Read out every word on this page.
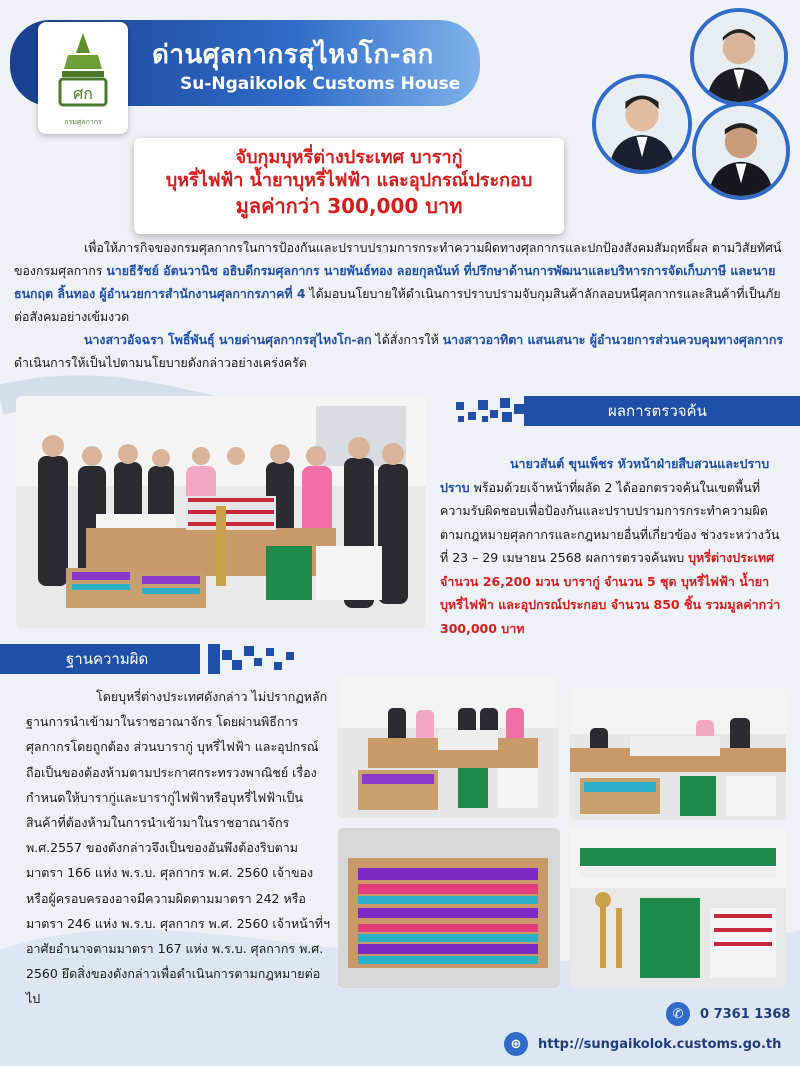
ศก
กรมศุลกากร
ด่านศุลกากรสุไหงโก-ลก
Su-Ngaikolok Customs House
จับกุมบุหรี่ต่างประเทศ บารากู่
บุหรี่ไฟฟ้า น้ำยาบุหรี่ไฟฟ้า และอุปกรณ์ประกอบ
มูลค่ากว่า 300,000 บาท
เพื่อให้ภารกิจของกรมศุลกากรในการป้องกันและปราบปรามการกระทำความผิดทางศุลกากรและปกป้องสังคมสัมฤทธิ์ผล ตามวิสัยทัศน์ของกรมศุลกากร นายธีรัชย์ อัตนวานิช อธิบดีกรมศุลกากร นายพันธ์ทอง ลอยกุลนันท์ ที่ปรึกษาด้านการพัฒนาและบริหารการจัดเก็บภาษี และนายธนกฤต ลิ้นทอง ผู้อำนวยการสำนักงานศุลกากรภาคที่ 4 ได้มอบนโยบายให้ดำเนินการปราบปรามจับกุมสินค้าลักลอบหนีศุลกากรและสินค้าที่เป็นภัยต่อสังคมอย่างเข้มงวด
นางสาวอัจฉรา โพธิ์พันธุ์ นายด่านศุลกากรสุไหงโก-ลก ได้สั่งการให้ นางสาวอาทิตา แสนเสนาะ ผู้อำนวยการส่วนควบคุมทางศุลกากร ดำเนินการให้เป็นไปตามนโยบายดังกล่าวอย่างเคร่งครัด
ผลการตรวจค้น
นายวสันต์ ขุนเพ็ชร หัวหน้าฝ่ายสืบสวนและปราบปราบ พร้อมด้วยเจ้าหน้าที่ผลัด 2 ได้ออกตรวจค้นในเขตพื้นที่ความรับผิดชอบเพื่อป้องกันและปราบปรามการกระทำความผิดตามกฎหมายศุลกากรและกฎหมายอื่นที่เกี่ยวข้อง ช่วงระหว่างวันที่ 23 – 29 เมษายน 2568 ผลการตรวจค้นพบ บุหรี่ต่างประเทศ จำนวน 26,200 มวน บารากู่ จำนวน 5 ชุด บุหรี่ไฟฟ้า น้ำยาบุหรี่ไฟฟ้า และอุปกรณ์ประกอบ จำนวน 850 ชิ้น รวมมูลค่ากว่า 300,000 บาท
ฐานความผิด
โดยบุหรี่ต่างประเทศดังกล่าว ไม่ปรากฏหลักฐานการนำเข้ามาในราชอาณาจักร โดยผ่านพิธีการศุลกากรโดยถูกต้อง ส่วนบารากู่ บุหรี่ไฟฟ้า และอุปกรณ์ ถือเป็นของต้องห้ามตามประกาศกระทรวงพาณิชย์ เรื่อง กำหนดให้บารากู่และบารากู่ไฟฟ้าหรือบุหรี่ไฟฟ้าเป็นสินค้าที่ต้องห้ามในการนำเข้ามาในราชอาณาจักร พ.ศ.2557 ของดังกล่าวจึงเป็นของอันพึงต้องริบตามมาตรา 166 แห่ง พ.ร.บ. ศุลกากร พ.ศ. 2560 เจ้าของหรือผู้ครอบครองอาจมีความผิดตามมาตรา 242 หรือมาตรา 246 แห่ง พ.ร.บ. ศุลกากร พ.ศ. 2560 เจ้าหน้าที่ฯ อาศัยอำนาจตามมาตรา 167 แห่ง พ.ร.บ. ศุลกากร พ.ศ. 2560 ยึดสิ่งของดังกล่าวเพื่อดำเนินการตามกฎหมายต่อไป
✆	0 7361 1368
⊕	http://sungaikolok.customs.go.th
